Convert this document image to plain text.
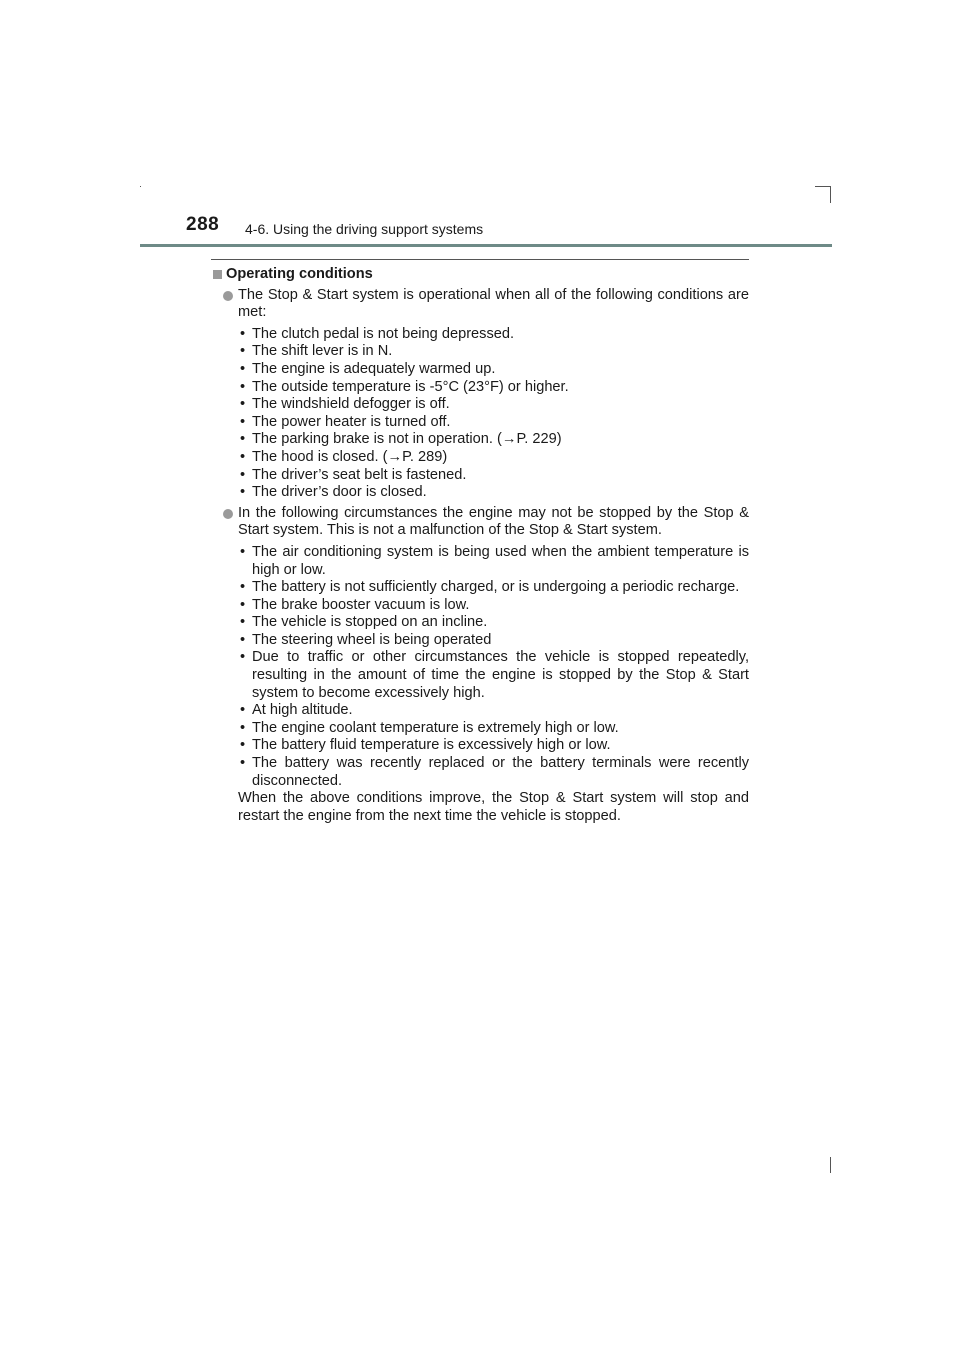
288 4-6. Using the driving support systems
Operating conditions
The Stop & Start system is operational when all of the following conditions are met:
• The clutch pedal is not being depressed.
• The shift lever is in N.
• The engine is adequately warmed up.
• The outside temperature is -5°C (23°F) or higher.
• The windshield defogger is off.
• The power heater is turned off.
• The parking brake is not in operation. (→P. 229)
• The hood is closed. (→P. 289)
• The driver’s seat belt is fastened.
• The driver’s door is closed.
In the following circumstances the engine may not be stopped by the Stop & Start system. This is not a malfunction of the Stop & Start system.
• The air conditioning system is being used when the ambient temperature is high or low.
• The battery is not sufficiently charged, or is undergoing a periodic recharge.
• The brake booster vacuum is low.
• The vehicle is stopped on an incline.
• The steering wheel is being operated
• Due to traffic or other circumstances the vehicle is stopped repeatedly, resulting in the amount of time the engine is stopped by the Stop & Start system to become excessively high.
• At high altitude.
• The engine coolant temperature is extremely high or low.
• The battery fluid temperature is excessively high or low.
• The battery was recently replaced or the battery terminals were recently disconnected.
When the above conditions improve, the Stop & Start system will stop and restart the engine from the next time the vehicle is stopped.
